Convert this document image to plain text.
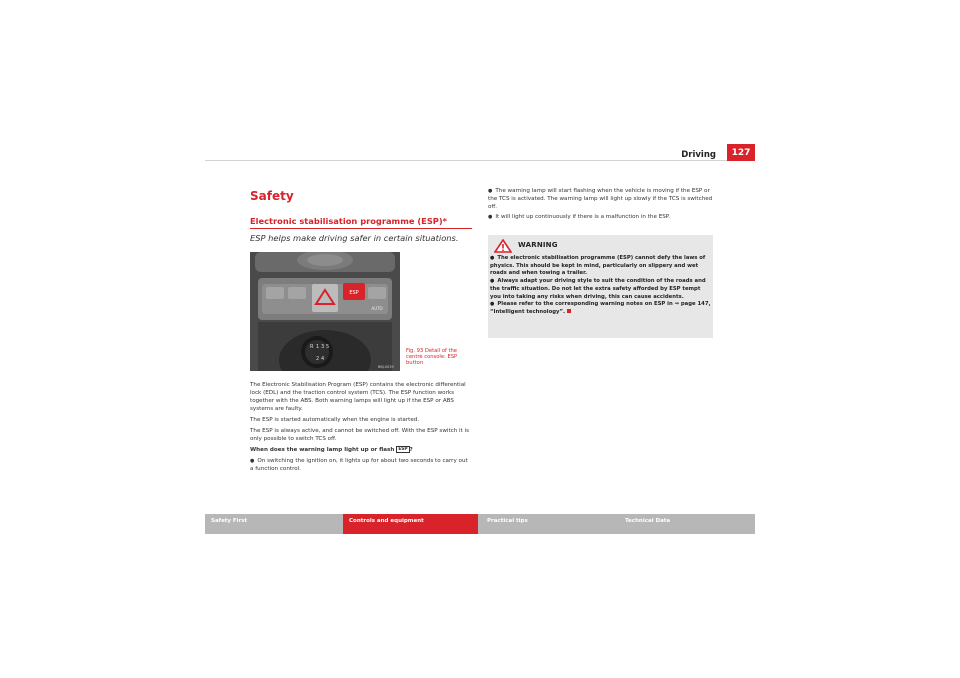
Driving	127
Safety
Electronic stabilisation programme (ESP)*
ESP helps make driving safer in certain situations.
ESP
AUTO
R 1 3 5
2 4
B6J-0039
Fig. 93 Detail of the centre console: ESP button

The Electronic Stabilisation Program (ESP) contains the electronic differential lock (EDL) and the traction control system (TCS). The ESP function works together with the ABS. Both warning lamps will light up if the ESP or ABS systems are faulty.

The ESP is started automatically when the engine is started.

The ESP is always active, and cannot be switched off. With the ESP switch it is only possible to switch TCS off.

When does the warning lamp light up or flash ESP ?

● On switching the ignition on, it lights up for about two seconds to carry out a function control.

● The warning lamp will start flashing when the vehicle is moving if the ESP or the TCS is activated. The warning lamp will light up slowly if the TCS is switched off.

● It will light up continuously if there is a malfunction in the ESP.

WARNING

● The electronic stabilisation programme (ESP) cannot defy the laws of physics. This should be kept in mind, particularly on slippery and wet roads and when towing a trailer.

● Always adapt your driving style to suit the condition of the roads and the traffic situation. Do not let the extra safety afforded by ESP tempt you into taking any risks when driving, this can cause accidents.

● Please refer to the corresponding warning notes on ESP in ⇒ page 147, “Intelligent technology”.

Safety First	Controls and equipment	Practical tips	Technical Data
